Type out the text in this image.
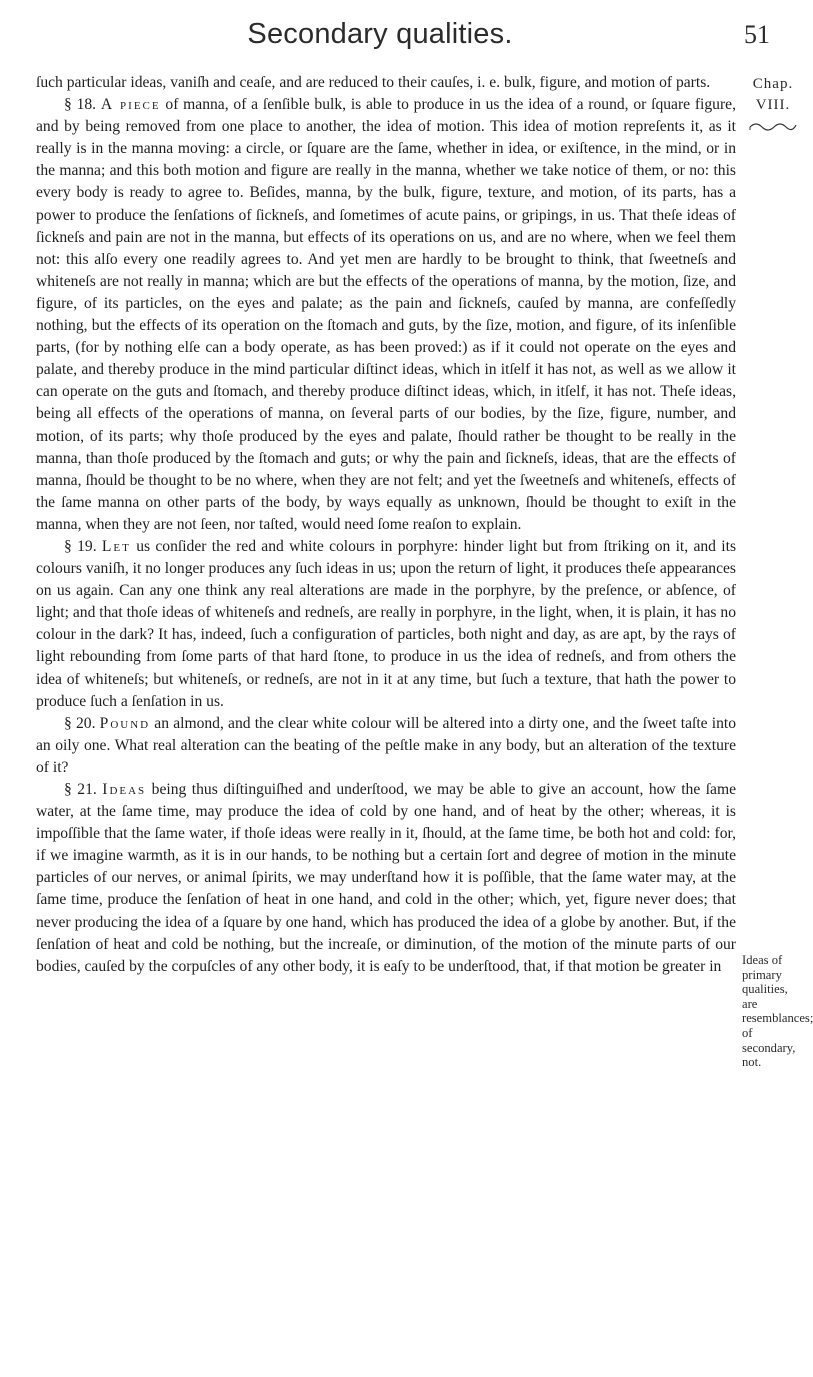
Secondary qualities.	51
Chap.
VIII.
Ideas of primary qualities, are resemblances; of secondary, not.

ſuch particular ideas, vaniſh and ceaſe, and are reduced to their cauſes, i. e. bulk, figure, and motion of parts.

§ 18. A piece of manna, of a ſenſible bulk, is able to produce in us the idea of a round, or ſquare figure, and by being removed from one place to another, the idea of motion. This idea of motion repreſents it, as it really is in the manna moving: a circle, or ſquare are the ſame, whether in idea, or exiſtence, in the mind, or in the manna; and this both motion and figure are really in the manna, whether we take notice of them, or no: this every body is ready to agree to. Beſides, manna, by the bulk, figure, texture, and motion, of its parts, has a power to produce the ſenſations of ſickneſs, and ſometimes of acute pains, or gripings, in us. That theſe ideas of ſickneſs and pain are not in the manna, but effects of its operations on us, and are no where, when we feel them not: this alſo every one readily agrees to. And yet men are hardly to be brought to think, that ſweetneſs and whiteneſs are not really in manna; which are but the effects of the operations of manna, by the motion, ſize, and figure, of its particles, on the eyes and palate; as the pain and ſickneſs, cauſed by manna, are confeſſedly nothing, but the effects of its operation on the ſtomach and guts, by the ſize, motion, and figure, of its inſenſible parts, (for by nothing elſe can a body operate, as has been proved:) as if it could not operate on the eyes and palate, and thereby produce in the mind particular diſtinct ideas, which in itſelf it has not, as well as we allow it can operate on the guts and ſtomach, and thereby produce diſtinct ideas, which, in itſelf, it has not. Theſe ideas, being all effects of the operations of manna, on ſeveral parts of our bodies, by the ſize, figure, number, and motion, of its parts; why thoſe produced by the eyes and palate, ſhould rather be thought to be really in the manna, than thoſe produced by the ſtomach and guts; or why the pain and ſickneſs, ideas, that are the effects of manna, ſhould be thought to be no where, when they are not felt; and yet the ſweetneſs and whiteneſs, effects of the ſame manna on other parts of the body, by ways equally as unknown, ſhould be thought to exiſt in the manna, when they are not ſeen, nor taſted, would need ſome reaſon to explain.

§ 19. Let us conſider the red and white colours in porphyre: hinder light but from ſtriking on it, and its colours vaniſh, it no longer produces any ſuch ideas in us; upon the return of light, it produces theſe appearances on us again. Can any one think any real alterations are made in the porphyre, by the preſence, or abſence, of light; and that thoſe ideas of whiteneſs and redneſs, are really in porphyre, in the light, when, it is plain, it has no colour in the dark? It has, indeed, ſuch a configuration of particles, both night and day, as are apt, by the rays of light rebounding from ſome parts of that hard ſtone, to produce in us the idea of redneſs, and from others the idea of whiteneſs; but whiteneſs, or redneſs, are not in it at any time, but ſuch a texture, that hath the power to produce ſuch a ſenſation in us.

§ 20. Pound an almond, and the clear white colour will be altered into a dirty one, and the ſweet taſte into an oily one. What real alteration can the beating of the peſtle make in any body, but an alteration of the texture of it?

§ 21. Ideas being thus diſtinguiſhed and underſtood, we may be able to give an account, how the ſame water, at the ſame time, may produce the idea of cold by one hand, and of heat by the other; whereas, it is impoſſible that the ſame water, if thoſe ideas were really in it, ſhould, at the ſame time, be both hot and cold: for, if we imagine warmth, as it is in our hands, to be nothing but a certain ſort and degree of motion in the minute particles of our nerves, or animal ſpirits, we may underſtand how it is poſſible, that the ſame water may, at the ſame time, produce the ſenſation of heat in one hand, and cold in the other; which, yet, figure never does; that never producing the idea of a ſquare by one hand, which has produced the idea of a globe by another. But, if the ſenſation of heat and cold be nothing, but the increaſe, or diminution, of the motion of the minute parts of our bodies, cauſed by the corpuſcles of any other body, it is eaſy to be underſtood, that, if that motion be greater in
